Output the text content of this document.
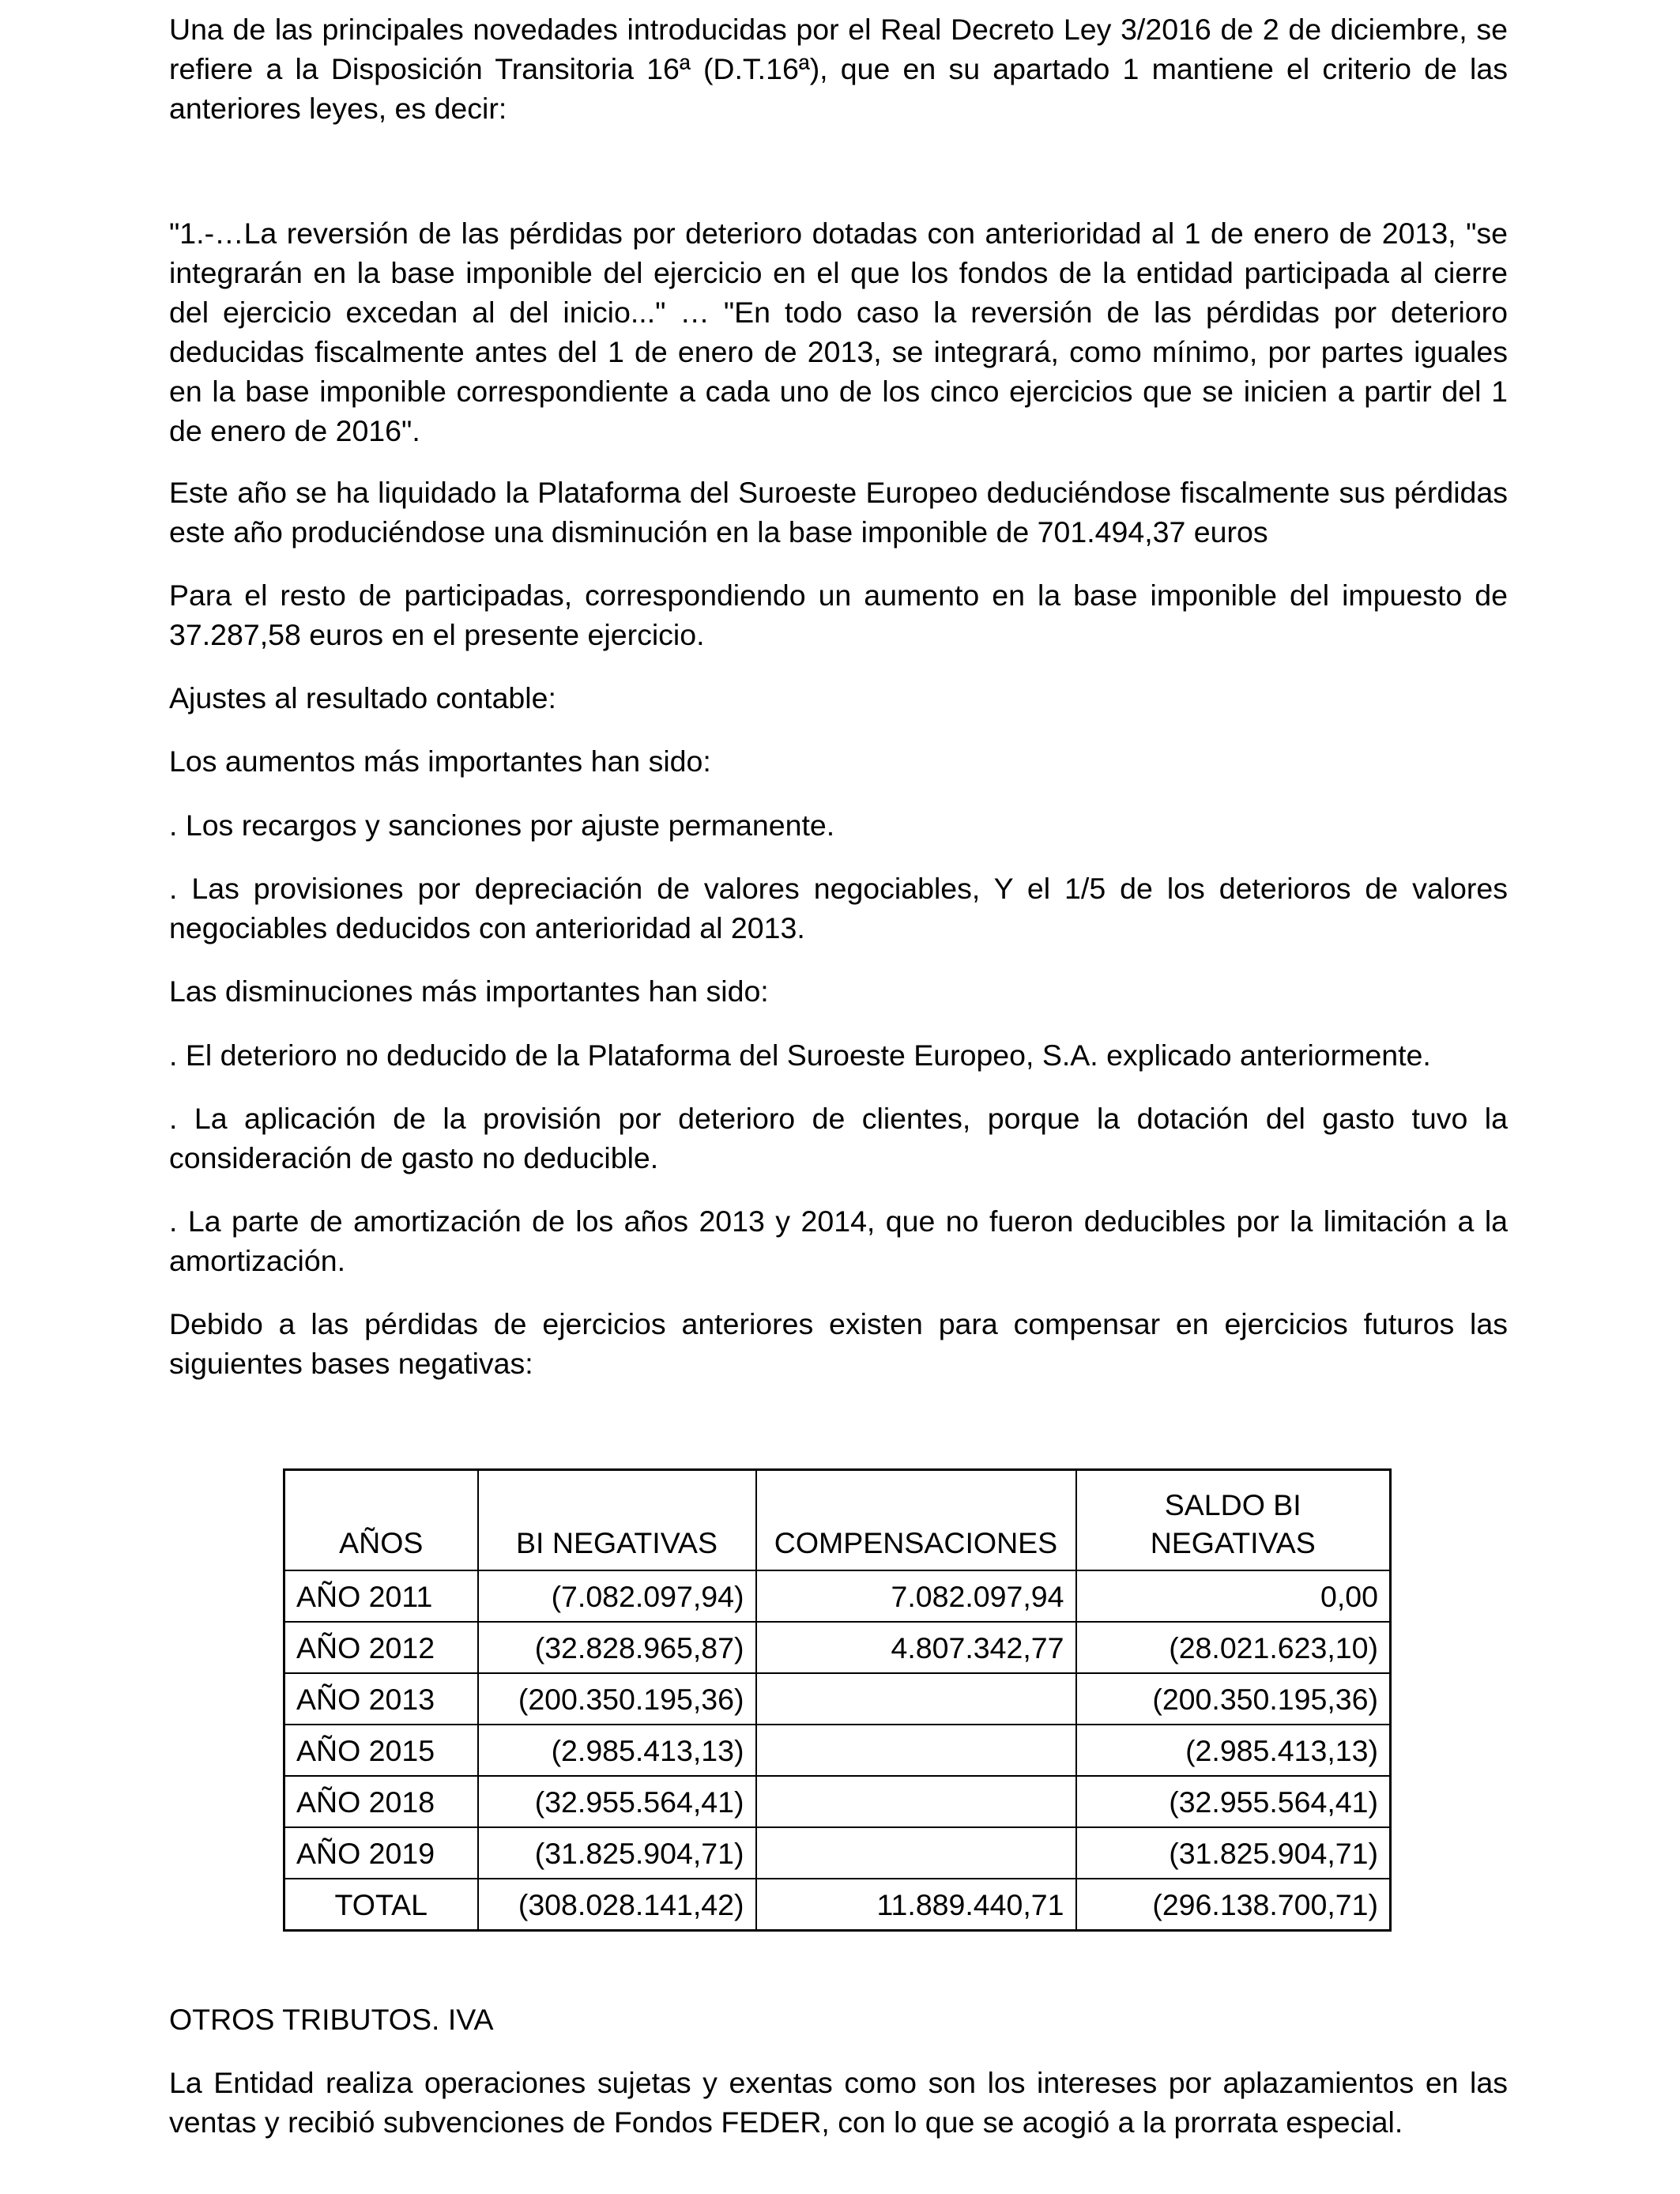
Una de las principales novedades introducidas por el Real Decreto Ley 3/2016 de 2 de diciembre, se refiere a la Disposición Transitoria 16ª (D.T.16ª), que en su apartado 1 mantiene el criterio de las anteriores leyes, es decir:

"1.-…La reversión de las pérdidas por deterioro dotadas con anterioridad al 1 de enero de 2013, "se integrarán en la base imponible del ejercicio en el que los fondos de la entidad participada al cierre del ejercicio excedan al del inicio..." … "En todo caso la reversión de las pérdidas por deterioro deducidas fiscalmente antes del 1 de enero de 2013, se integrará, como mínimo, por partes iguales en la base imponible correspondiente a cada uno de los cinco ejercicios que se inicien a partir del 1 de enero de 2016".

Este año se ha liquidado la Plataforma del Suroeste Europeo deduciéndose fiscalmente sus pérdidas este año produciéndose una disminución en la base imponible de 701.494,37 euros

Para el resto de participadas, correspondiendo un aumento en la base imponible del impuesto de 37.287,58 euros en el presente ejercicio.

Ajustes al resultado contable:

Los aumentos más importantes han sido:

. Los recargos y sanciones por ajuste permanente.

. Las provisiones por depreciación de valores negociables, Y el 1/5 de los deterioros de valores negociables deducidos con anterioridad al 2013.

Las disminuciones más importantes han sido:

. El deterioro no deducido de la Plataforma del Suroeste Europeo, S.A. explicado anteriormente.

. La aplicación de la provisión por deterioro de clientes, porque la dotación del gasto tuvo la consideración de gasto no deducible.

. La parte de amortización de los años 2013 y 2014, que no fueron deducibles por la limitación a la amortización.

Debido a las pérdidas de ejercicios anteriores existen para compensar en ejercicios futuros las siguientes bases negativas:

AÑOS	BI NEGATIVAS	COMPENSACIONES	SALDO BI
NEGATIVAS
AÑO 2011	(7.082.097,94)	7.082.097,94	0,00
AÑO 2012	(32.828.965,87)	4.807.342,77	(28.021.623,10)
AÑO 2013	(200.350.195,36)		(200.350.195,36)
AÑO 2015	(2.985.413,13)		(2.985.413,13)
AÑO 2018	(32.955.564,41)		(32.955.564,41)
AÑO 2019	(31.825.904,71)		(31.825.904,71)
TOTAL	(308.028.141,42)	11.889.440,71	(296.138.700,71)

OTROS TRIBUTOS. IVA

La Entidad realiza operaciones sujetas y exentas como son los intereses por aplazamientos en las ventas y recibió subvenciones de Fondos FEDER, con lo que se acogió a la prorrata especial.
